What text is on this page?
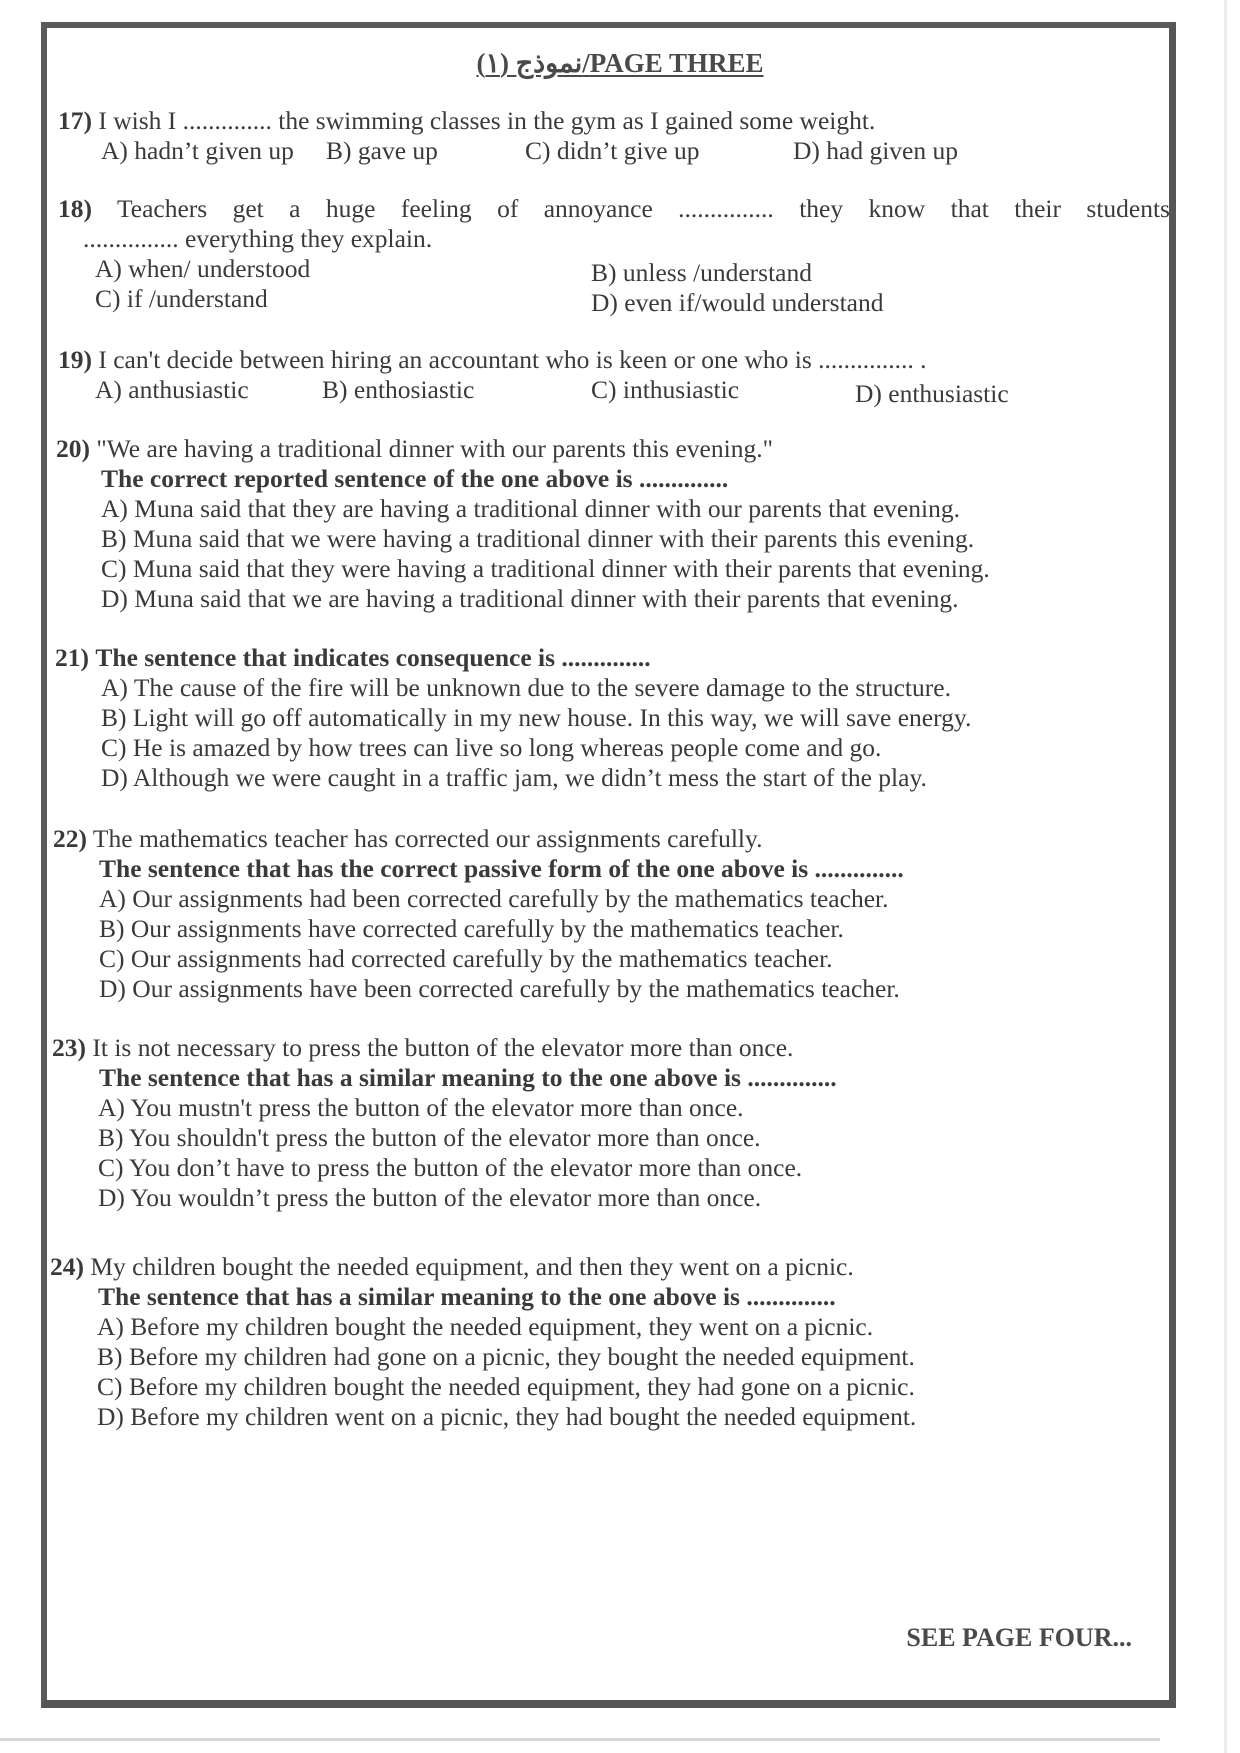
نموذج (١)/PAGE THREE
17) I wish I .............. the swimming classes in the gym as I gained some weight.
A) hadn’t given up B) gave up	C) didn’t give up	D) had given up
18) Teachers get a huge feeling of annoyance ............... they know that their students
............... everything they explain.
A) when/ understood	B) unless /understand
C) if /understand	D) even if/would understand
19) I can't decide between hiring an accountant who is keen or one who is ............... .
A) anthusiastic	B) enthosiastic	C) inthusiastic	D) enthusiastic
20) "We are having a traditional dinner with our parents this evening."
The correct reported sentence of the one above is ..............
A) Muna said that they are having a traditional dinner with our parents that evening.
B) Muna said that we were having a traditional dinner with their parents this evening.
C) Muna said that they were having a traditional dinner with their parents that evening.
D) Muna said that we are having a traditional dinner with their parents that evening.
21) The sentence that indicates consequence is ..............
A) The cause of the fire will be unknown due to the severe damage to the structure.
B) Light will go off automatically in my new house. In this way, we will save energy.
C) He is amazed by how trees can live so long whereas people come and go.
D) Although we were caught in a traffic jam, we didn’t mess the start of the play.
22) The mathematics teacher has corrected our assignments carefully.
The sentence that has the correct passive form of the one above is ..............
A) Our assignments had been corrected carefully by the mathematics teacher.
B) Our assignments have corrected carefully by the mathematics teacher.
C) Our assignments had corrected carefully by the mathematics teacher.
D) Our assignments have been corrected carefully by the mathematics teacher.
23) It is not necessary to press the button of the elevator more than once.
The sentence that has a similar meaning to the one above is ..............
A) You mustn't press the button of the elevator more than once.
B) You shouldn't press the button of the elevator more than once.
C) You don’t have to press the button of the elevator more than once.
D) You wouldn’t press the button of the elevator more than once.
24) My children bought the needed equipment, and then they went on a picnic.
The sentence that has a similar meaning to the one above is ..............
A) Before my children bought the needed equipment, they went on a picnic.
B) Before my children had gone on a picnic, they bought the needed equipment.
C) Before my children bought the needed equipment, they had gone on a picnic.
D) Before my children went on a picnic, they had bought the needed equipment.
SEE PAGE FOUR...
